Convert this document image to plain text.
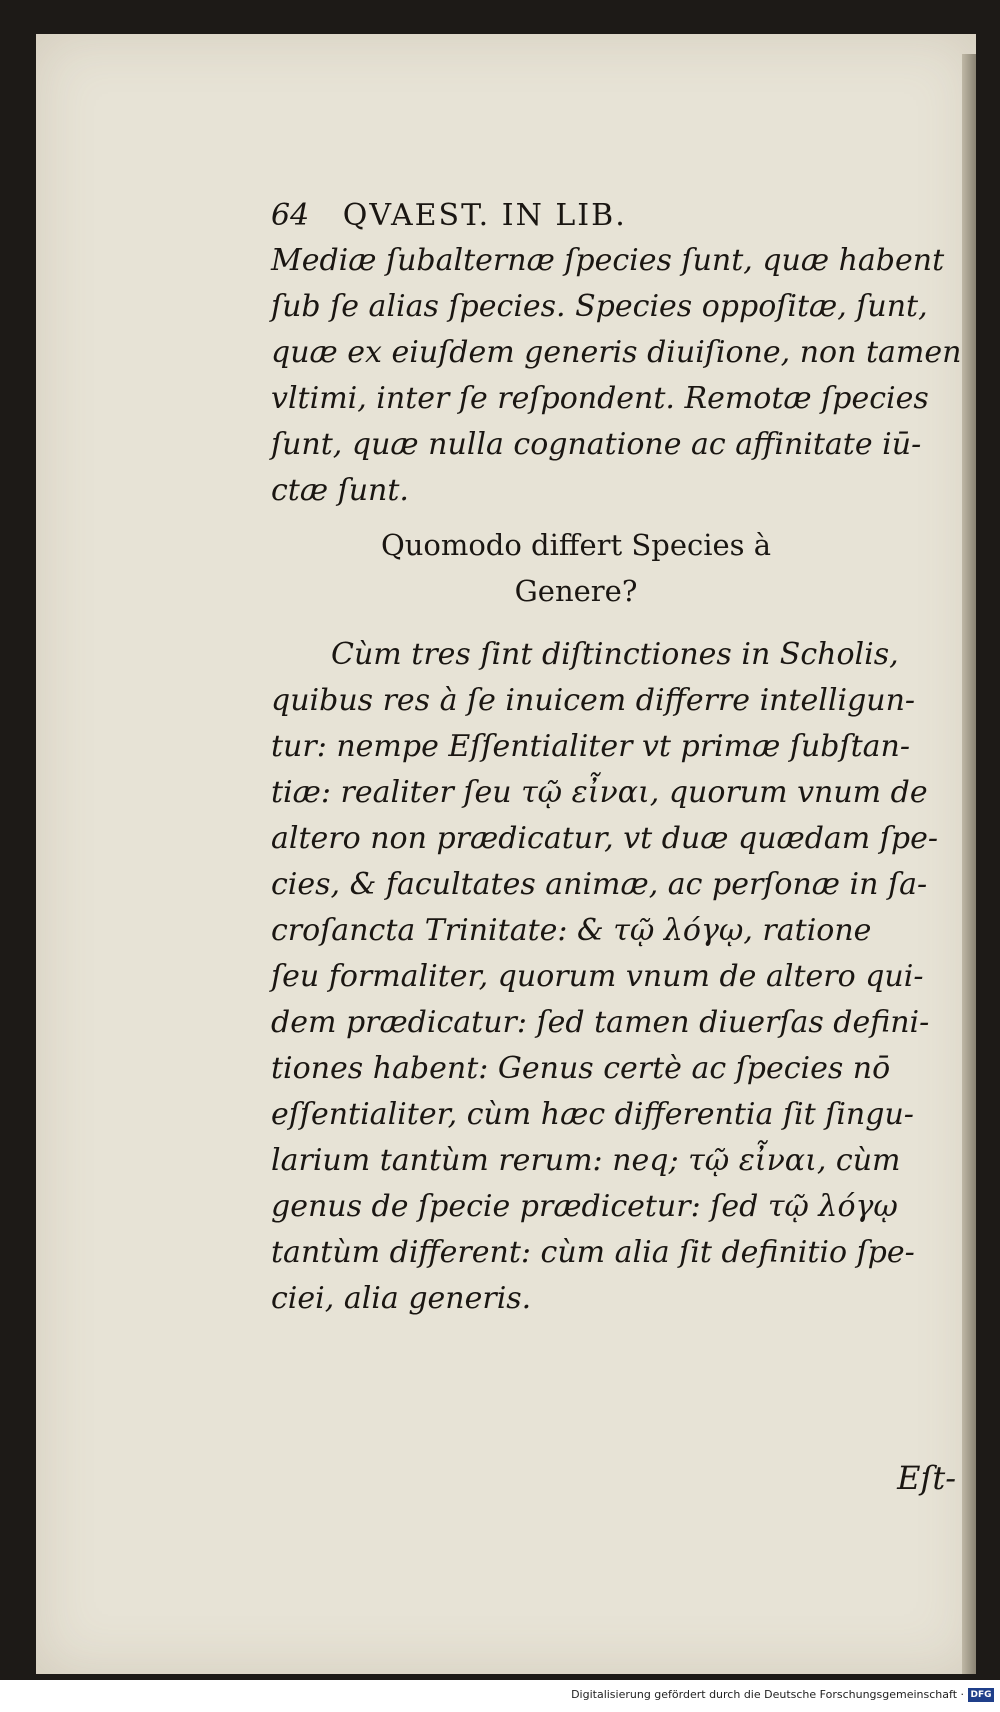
64 QVAEST. IN LIB.
Mediæ ſubalternæ ſpecies ſunt, quæ habent
ſub ſe alias ſpecies. Species oppoſitæ, ſunt,
quæ ex eiuſdem generis diuiſione, non tamen
vltimi, inter ſe reſpondent. Remotæ ſpecies
ſunt, quæ nulla cognatione ac affinitate iū-
ctæ ſunt.
Quomodo differt Species à
Genere?
Cùm tres ſint diſtinctiones in Scholis,
quibus res à ſe inuicem differre intelligun-
tur: nempe Eſſentialiter vt primæ ſubſtan-
tiæ: realiter ſeu τῷ εἶναι, quorum vnum de
altero non prædicatur, vt duæ quædam ſpe-
cies, & facultates animæ, ac perſonæ in ſa-
croſancta Trinitate: & τῷ λόγῳ, ratione
ſeu formaliter, quorum vnum de altero qui-
dem prædicatur: ſed tamen diuerſas defini-
tiones habent: Genus certè ac ſpecies nō
eſſentialiter, cùm hæc differentia ſit ſingu-
larium tantùm rerum: neq; τῷ εἶναι, cùm
genus de ſpecie prædicetur: ſed τῷ λόγῳ
tantùm different: cùm alia ſit definitio ſpe-
ciei, alia generis.
Eſt-
Digitalisierung gefördert durch die Deutsche Forschungsgemeinschaft · DFG
